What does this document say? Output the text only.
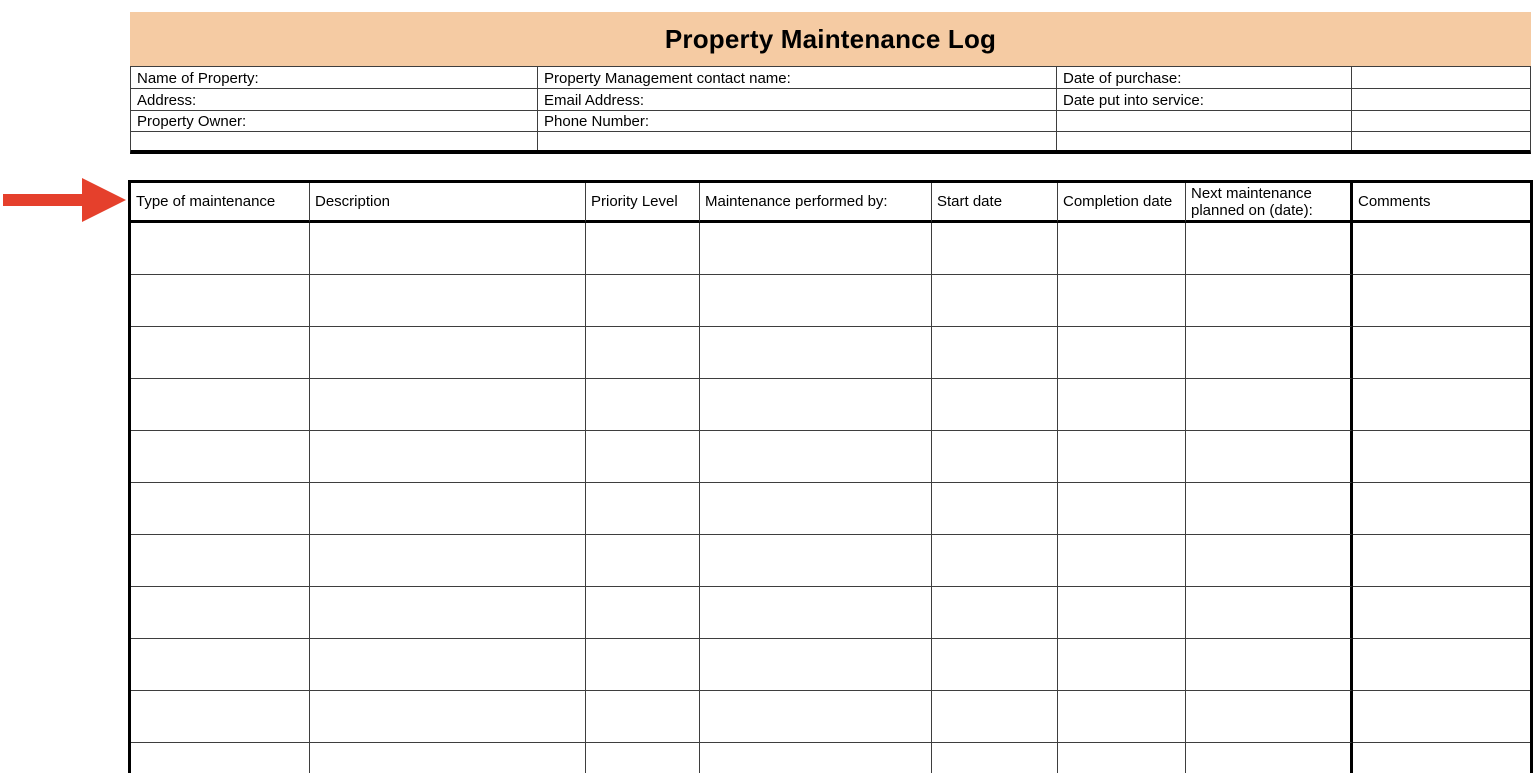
Property Maintenance Log
Name of Property:	Property Management contact name:	Date of purchase:
Address:	Email Address:	Date put into service:
Property Owner:	Phone Number:
Type of maintenance	Description	Priority Level	Maintenance performed by:	Start date	Completion date	Next maintenance planned on (date):	Comments
